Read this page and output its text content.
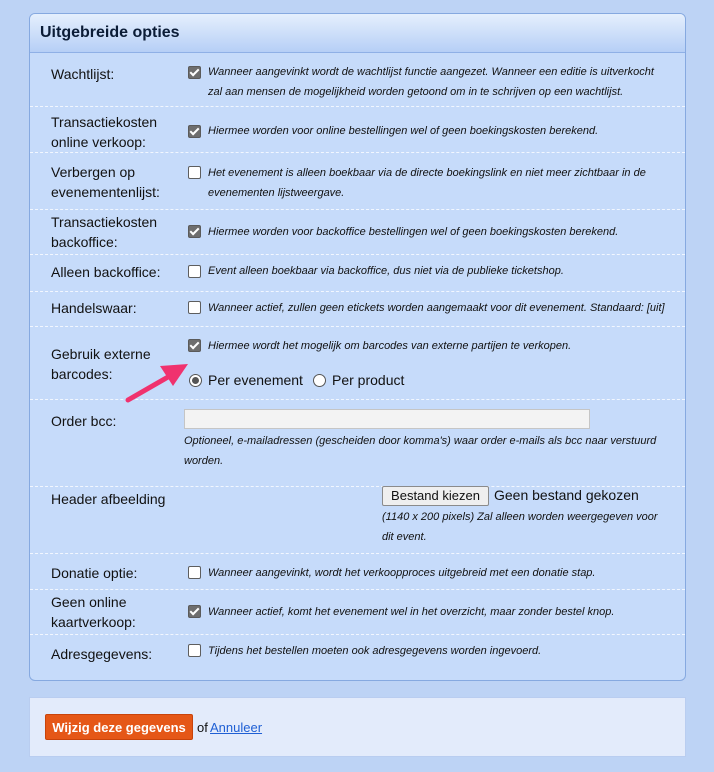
Uitgebreide opties
Wachtlijst:	Wanneer aangevinkt wordt de wachtlijst functie aangezet. Wanneer een editie is uitverkocht zal aan mensen de mogelijkheid worden getoond om in te schrijven op een wachtlijst.
Transactiekosten online verkoop:
Hiermee worden voor online bestellingen wel of geen boekingskosten berekend.
Verbergen op evenementenlijst:
Het evenement is alleen boekbaar via de directe boekingslink en niet meer zichtbaar in de evenementen lijstweergave.
Transactiekosten backoffice:
Hiermee worden voor backoffice bestellingen wel of geen boekingskosten berekend.
Alleen backoffice:	Event alleen boekbaar via backoffice, dus niet via de publieke ticketshop.
Handelswaar:	Wanneer actief, zullen geen etickets worden aangemaakt voor dit evenement. Standaard: [uit]
Gebruik externe barcodes:
Hiermee wordt het mogelijk om barcodes van externe partijen te verkopen.
Per evenement Per product
Order bcc:
Optioneel, e-mailadressen (gescheiden door komma's) waar order e-mails als bcc naar verstuurd worden.
Header afbeelding	Bestand kiezen	Geen bestand gekozen
(1140 x 200 pixels) Zal alleen worden weergegeven voor dit event.
Donatie optie:	Wanneer aangevinkt, wordt het verkoopproces uitgebreid met een donatie stap.
Geen online kaartverkoop:
Wanneer actief, komt het evenement wel in het overzicht, maar zonder bestel knop.
Adresgegevens:	Tijdens het bestellen moeten ook adresgegevens worden ingevoerd.
Wijzig deze gegevens of Annuleer
